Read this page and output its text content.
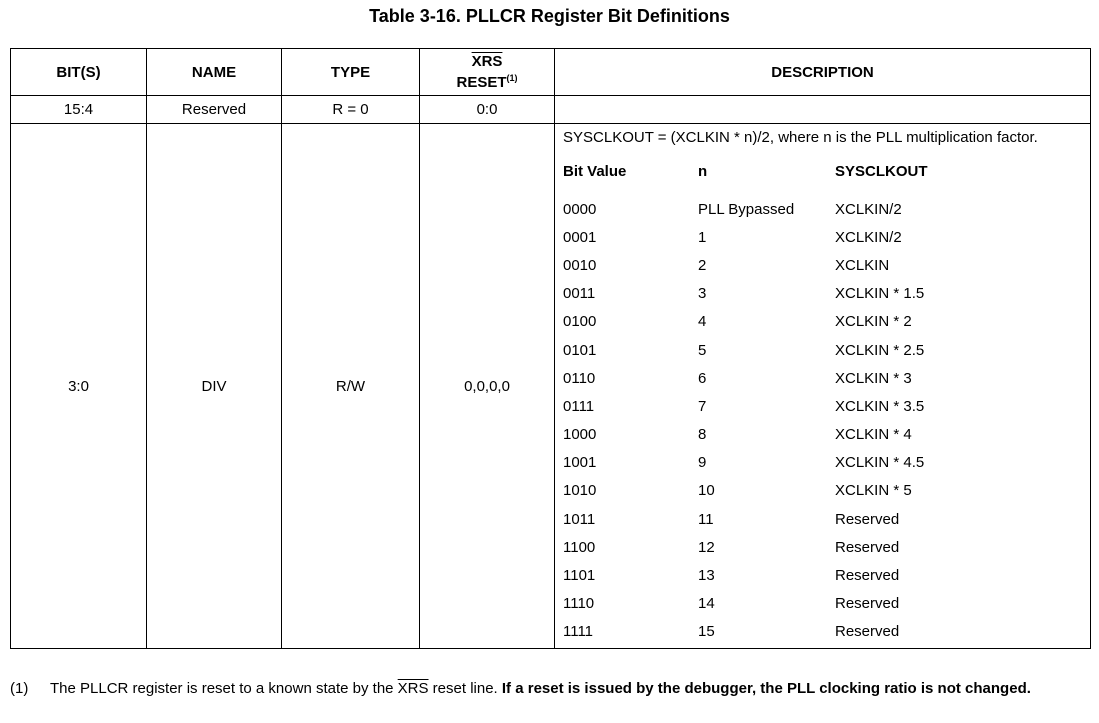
Table 3-16. PLLCR Register Bit Definitions
BIT(S)	NAME	TYPE	$\overline{XRS}$
RESET$^{(1)}$	DESCRIPTION
15:4	Reserved	R = 0	0:0	
3:0	DIV	R/W	0,0,0,0	
SYSCLKOUT = (XCLKIN * n)/2, where n is the PLL multiplication factor.
Bit Value	n	SYSCLKOUT
0000	PLL Bypassed	XCLKIN/2
0001	1	XCLKIN/2
0010	2	XCLKIN
0011	3	XCLKIN * 1.5
0100	4	XCLKIN * 2
0101	5	XCLKIN * 2.5
0110	6	XCLKIN * 3
0111	7	XCLKIN * 3.5
1000	8	XCLKIN * 4
1001	9	XCLKIN * 4.5
1010	10	XCLKIN * 5
1011	11	Reserved
1100	12	Reserved
1101	13	Reserved
1110	14	Reserved
1111	15	Reserved
(1) The PLLCR register is reset to a known state by the $\overline{XRS}$ reset line. If a reset is issued by the debugger, the PLL clocking ratio is not changed.
